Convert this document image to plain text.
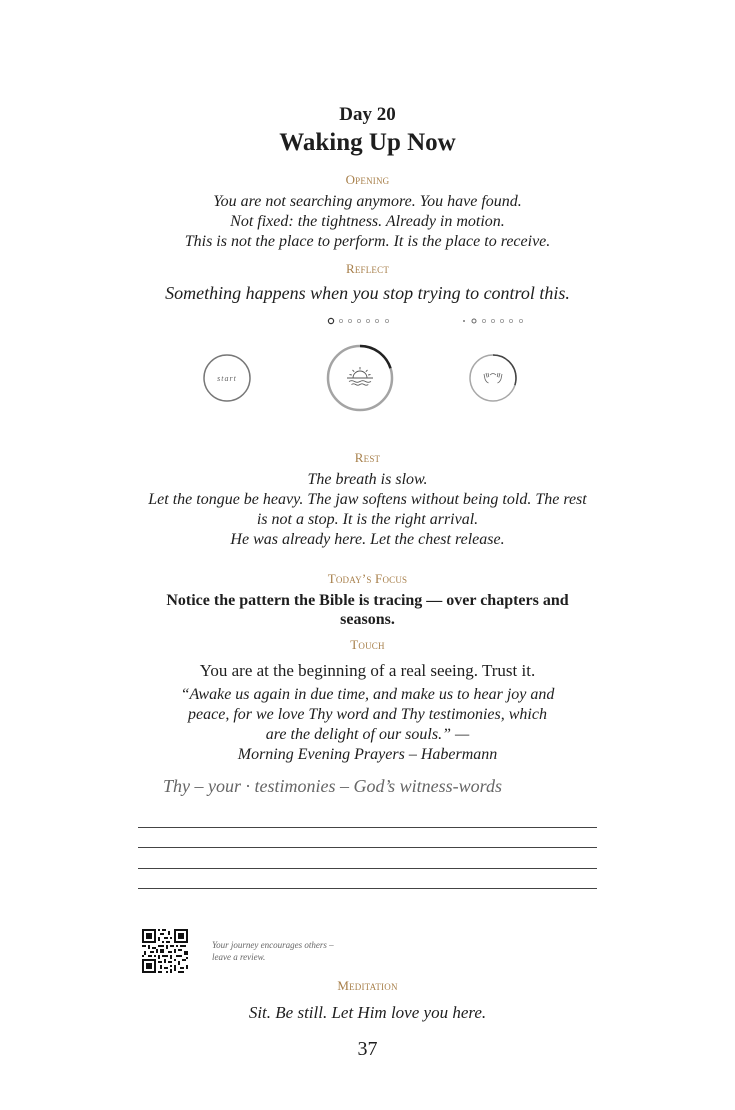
Day 20
Waking Up Now
Opening
You are not searching anymore. You have found.
Not fixed: the tightness. Already in motion.
This is not the place to perform. It is the place to receive.
Reflect
Something happens when you stop trying to control this.
start
Rest
The breath is slow.
Let the tongue be heavy. The jaw softens without being told. The rest
is not a stop. It is the right arrival.
He was already here. Let the chest release.
Today’s Focus
Notice the pattern the Bible is tracing — over chapters and
seasons.
Touch
You are at the beginning of a real seeing. Trust it.
“Awake us again in due time, and make us to hear joy and
peace, for we love Thy word and Thy testimonies, which
are the delight of our souls.” —
Morning Evening Prayers – Habermann
Thy – your · testimonies – God’s witness-words
Your journey encourages others –
leave a review.
Meditation
Sit. Be still. Let Him love you here.
37
